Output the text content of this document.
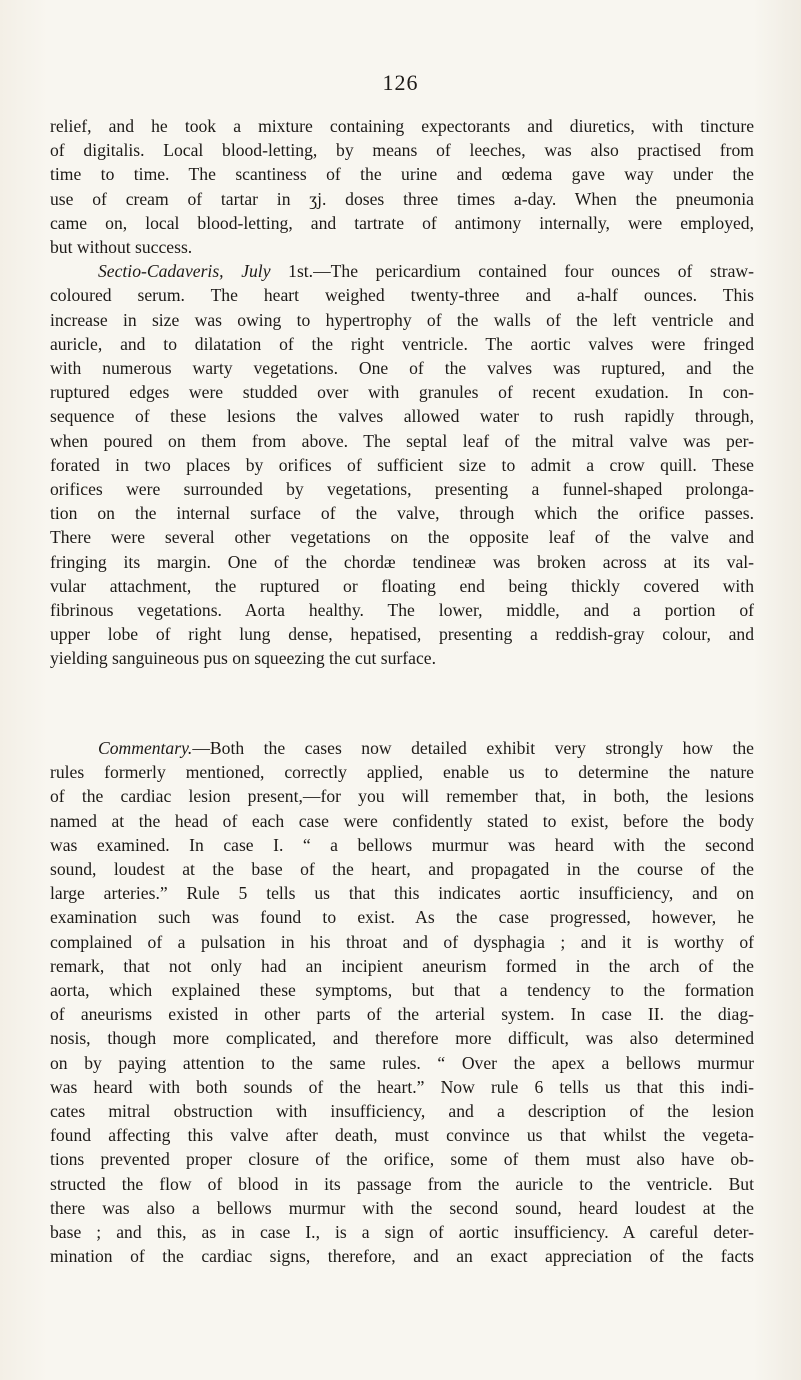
126

relief, and he took a mixture containing expectorants and diuretics, with tincture

of digitalis. Local blood-letting, by means of leeches, was also practised from

time to time. The scantiness of the urine and œdema gave way under the

use of cream of tartar in ʒj. doses three times a-day. When the pneumonia

came on, local blood-letting, and tartrate of antimony internally, were employed,

but without success.

Sectio-Cadaveris, July 1st.—The pericardium contained four ounces of straw-

coloured serum. The heart weighed twenty-three and a-half ounces. This

increase in size was owing to hypertrophy of the walls of the left ventricle and

auricle, and to dilatation of the right ventricle. The aortic valves were fringed

with numerous warty vegetations. One of the valves was ruptured, and the

ruptured edges were studded over with granules of recent exudation. In con-

sequence of these lesions the valves allowed water to rush rapidly through,

when poured on them from above. The septal leaf of the mitral valve was per-

forated in two places by orifices of sufficient size to admit a crow quill. These

orifices were surrounded by vegetations, presenting a funnel-shaped prolonga-

tion on the internal surface of the valve, through which the orifice passes.

There were several other vegetations on the opposite leaf of the valve and

fringing its margin. One of the chordæ tendineæ was broken across at its val-

vular attachment, the ruptured or floating end being thickly covered with

fibrinous vegetations. Aorta healthy. The lower, middle, and a portion of

upper lobe of right lung dense, hepatised, presenting a reddish-gray colour, and

yielding sanguineous pus on squeezing the cut surface.

Commentary.—Both the cases now detailed exhibit very strongly how the

rules formerly mentioned, correctly applied, enable us to determine the nature

of the cardiac lesion present,—for you will remember that, in both, the lesions

named at the head of each case were confidently stated to exist, before the body

was examined. In case I. “ a bellows murmur was heard with the second

sound, loudest at the base of the heart, and propagated in the course of the

large arteries.” Rule 5 tells us that this indicates aortic insufficiency, and on

examination such was found to exist. As the case progressed, however, he

complained of a pulsation in his throat and of dysphagia ; and it is worthy of

remark, that not only had an incipient aneurism formed in the arch of the

aorta, which explained these symptoms, but that a tendency to the formation

of aneurisms existed in other parts of the arterial system. In case II. the diag-

nosis, though more complicated, and therefore more difficult, was also determined

on by paying attention to the same rules. “ Over the apex a bellows murmur

was heard with both sounds of the heart.” Now rule 6 tells us that this indi-

cates mitral obstruction with insufficiency, and a description of the lesion

found affecting this valve after death, must convince us that whilst the vegeta-

tions prevented proper closure of the orifice, some of them must also have ob-

structed the flow of blood in its passage from the auricle to the ventricle. But

there was also a bellows murmur with the second sound, heard loudest at the

base ; and this, as in case I., is a sign of aortic insufficiency. A careful deter-

mination of the cardiac signs, therefore, and an exact appreciation of the facts
